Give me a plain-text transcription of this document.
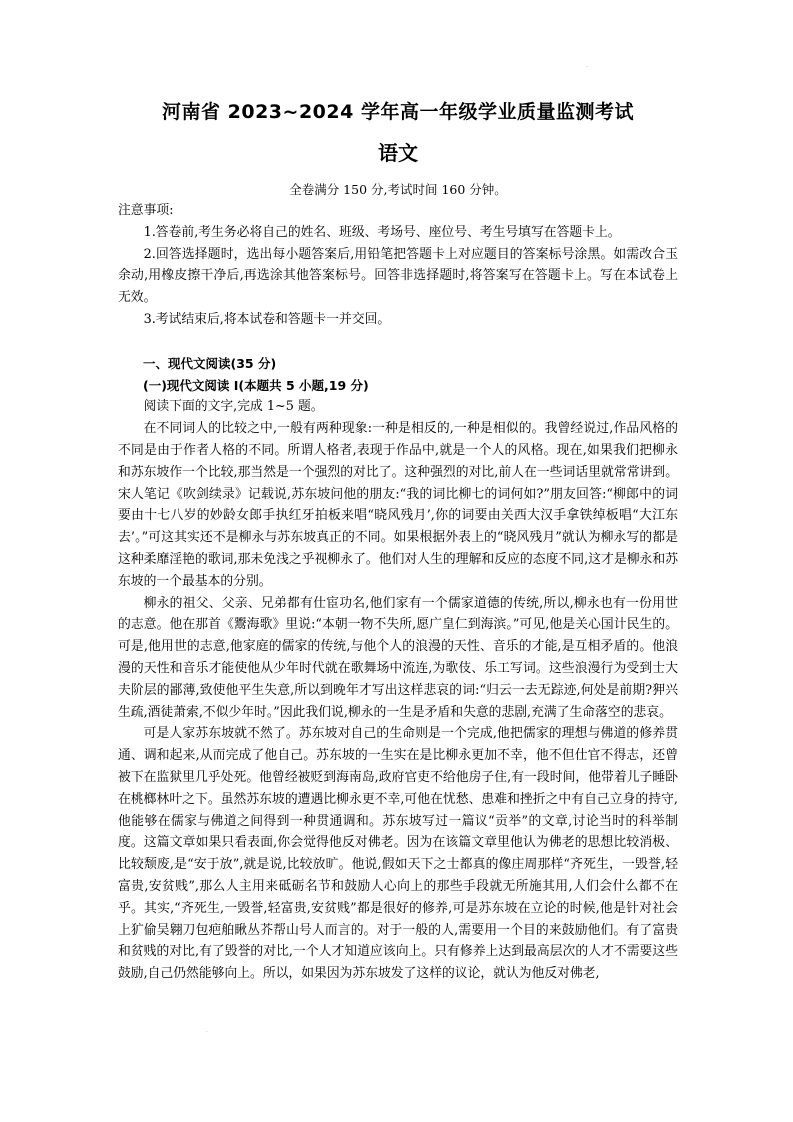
.
河南省 2023~2024 学年高一年级学业质量监测考试
语文

全卷满分 150 分,考试时间 160 分钟。

注意事项:

1.答卷前,考生务必将自己的姓名、班级、考场号、座位号、考生号填写在答题卡上。

2.回答选择题时，选出每小题答案后,用铅笔把答题卡上对应题目的答案标号涂黑。如需改合玉余动,用橡皮擦干净后,再选涂其他答案标号。回答非选择题时,将答案写在答题卡上。写在本试卷上无效。

3.考试结束后,将本试卷和答题卡一并交回。

一、现代文阅读(35 分)

(一)现代文阅读 I(本题共 5 小题,19 分)

阅读下面的文字,完成 1~5 题。

在不同词人的比较之中,一般有两种现象:一种是相反的,一种是相似的。我曾经说过,作品风格的不同是由于作者人格的不同。所谓人格者,表现于作品中,就是一个人的风格。现在,如果我们把柳永和苏东坡作一个比较,那当然是一个强烈的对比了。这种强烈的对比,前人在一些词话里就常常讲到。宋人笔记《吹剑续录》记载说,苏东坡问他的朋友:“我的词比柳七的词何如?”朋友回答:“柳郎中的词要由十七八岁的妙龄女郎手执红牙拍板来唱“晓风残月’,你的词要由关西大汉手拿铁绰板唱“大江东去’。”可这其实还不是柳永与苏东坡真正的不同。如果根据外表上的“晓风残月”就认为柳永写的都是这种柔靡淫艳的歌词,那未免浅之乎视柳永了。他们对人生的理解和反应的态度不同,这才是柳永和苏东坡的一个最基本的分别。

柳永的祖父、父亲、兄弟都有仕宦功名,他们家有一个儒家道德的传统,所以,柳永也有一份用世的志意。他在那首《鬻海歌》里说:“本朝一物不失所,愿广皇仁到海滨。”可见,他是关心国计民生的。可是,他用世的志意,他家庭的儒家的传统,与他个人的浪漫的天性、音乐的才能,是互相矛盾的。他浪漫的天性和音乐才能使他从少年时代就在歌舞场中流连,为歌伎、乐工写词。这些浪漫行为受到士大夫阶层的鄙薄,致使他平生失意,所以到晚年才写出这样悲哀的词:“归云一去无踪迹,何处是前期?狎兴生疏,酒徒萧索,不似少年时。”因此我们说,柳永的一生是矛盾和失意的悲剧,充满了生命落空的悲哀。

可是人家苏东坡就不然了。苏东坡对自己的生命则是一个完成,他把儒家的理想与佛道的修养贯通、调和起来,从而完成了他自己。苏东坡的一生实在是比柳永更加不幸，他不但仕官不得志，还曾被下在监狱里几乎处死。他曾经被贬到海南岛,政府官吏不给他房子住,有一段时间，他带着儿子睡卧在桃榔林叶之下。虽然苏东坡的遭遇比柳永更不幸,可他在忧愁、患难和挫折之中有自己立身的持守,他能够在儒家与佛道之间得到一种贯通调和。苏东坡写过一篇议“贡举”的文章,讨论当时的科举制度。这篇文章如果只看表面,你会觉得他反对佛老。因为在该篇文章里他认为佛老的思想比较消极、比较颓废,是“安于放”,就是说,比较放旷。他说,假如天下之士都真的像庄周那样“齐死生，一毁誉,轻富贵,安贫贱”,那么人主用来砥砺名节和鼓励人心向上的那些手段就无所施其用,人们会什么都不在乎。其实,“齐死生,一毁誉,轻富贵,安贫贱”都是很好的修养,可是苏东坡在立论的时候,他是针对社会上犷偷吴翱刀包疤舶瞅丛芥帮山号人而言的。对于一般的人,需要用一个目的来鼓励他们。有了富贵和贫贱的对比,有了毁誉的对比,一个人才知道应该向上。只有修养上达到最高层次的人才不需要这些鼓励,自己仍然能够向上。所以，如果因为苏东坡发了这样的议论，就认为他反对佛老,

.
